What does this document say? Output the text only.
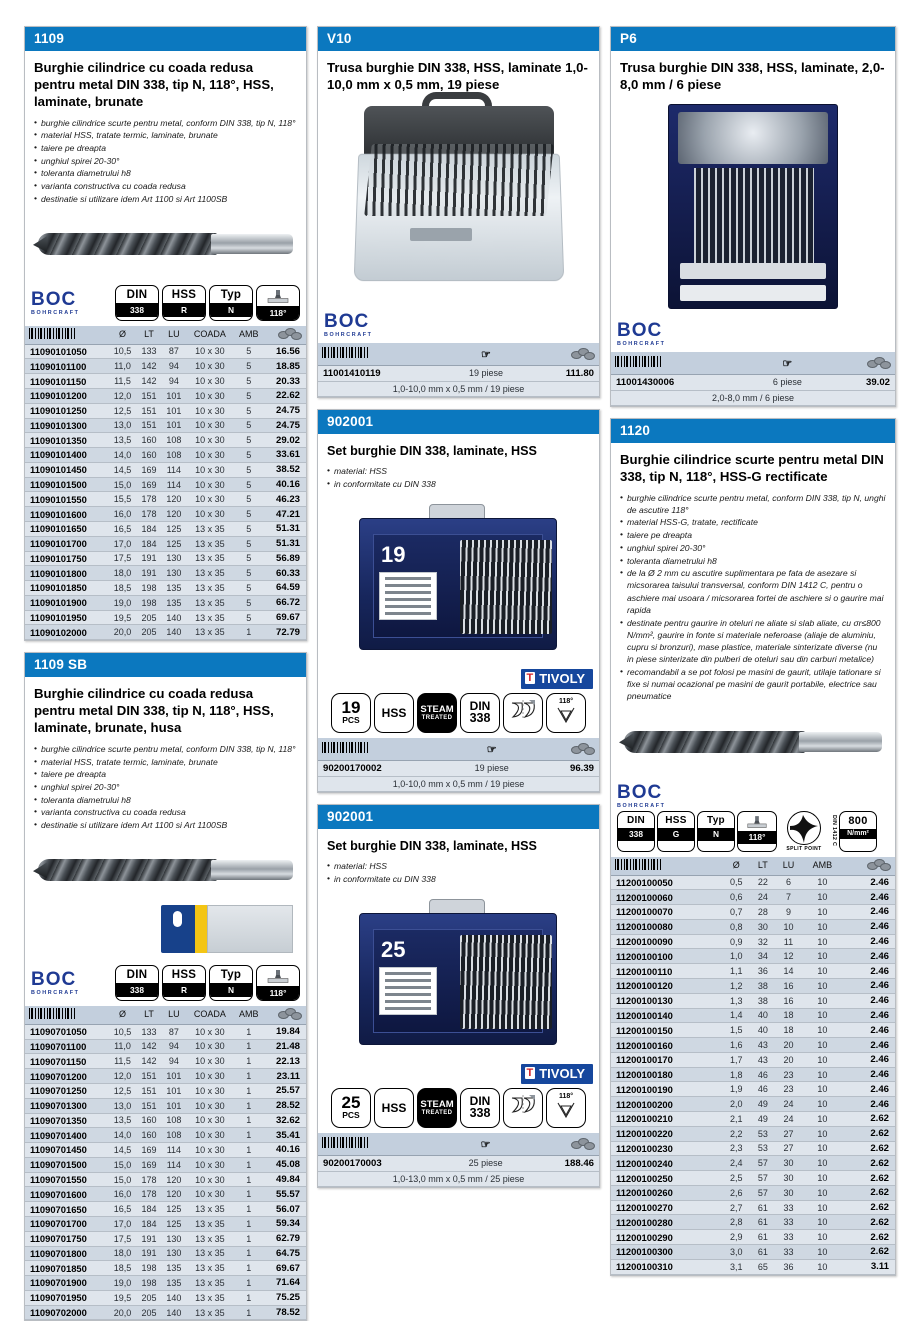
1109
Burghie cilindrice cu coada redusa pentru metal DIN 338, tip N, 118°, HSS, laminate, brunate
• burghie cilindrice scurte pentru metal, conform DIN 338, tip N, 118°
• material HSS, tratate termic, laminate, brunate
• taiere pe dreapta
• unghiul spirei 20-30°
• toleranta diametrului h8
• varianta constructiva cu coada redusa
• destinatie si utilizare idem Art 1100 si Art 1100SB
BOC
BOHRCRAFT
DIN
338
HSS
R
Typ
N	118°
	Ø	LT	LU	COADA	AMB	

11090101050	10,5	133	87	10 x 30	5	16.56
11090101100	11,0	142	94	10 x 30	5	18.85
11090101150	11,5	142	94	10 x 30	5	20.33
11090101200	12,0	151	101	10 x 30	5	22.62
11090101250	12,5	151	101	10 x 30	5	24.75
11090101300	13,0	151	101	10 x 30	5	24.75
11090101350	13,5	160	108	10 x 30	5	29.02
11090101400	14,0	160	108	10 x 30	5	33.61
11090101450	14,5	169	114	10 x 30	5	38.52
11090101500	15,0	169	114	10 x 30	5	40.16
11090101550	15,5	178	120	10 x 30	5	46.23
11090101600	16,0	178	120	10 x 30	5	47.21
11090101650	16,5	184	125	13 x 35	5	51.31
11090101700	17,0	184	125	13 x 35	5	51.31
11090101750	17,5	191	130	13 x 35	5	56.89
11090101800	18,0	191	130	13 x 35	5	60.33
11090101850	18,5	198	135	13 x 35	5	64.59
11090101900	19,0	198	135	13 x 35	5	66.72
11090101950	19,5	205	140	13 x 35	5	69.67
11090102000	20,0	205	140	13 x 35	1	72.79
1109 SB
Burghie cilindrice cu coada redusa pentru metal DIN 338, tip N, 118°, HSS, laminate, brunate, husa
• burghie cilindrice scurte pentru metal, conform DIN 338, tip N, 118°
• material HSS, tratate termic, laminate, brunate
• taiere pe dreapta
• unghiul spirei 20-30°
• toleranta diametrului h8
• varianta constructiva cu coada redusa
• destinatie si utilizare idem Art 1100 si Art 1100SB
BOC
BOHRCRAFT
DIN
338
HSS
R
Typ
N	118°
	Ø	LT	LU	COADA	AMB	

11090701050	10,5	133	87	10 x 30	1	19.84
11090701100	11,0	142	94	10 x 30	1	21.48
11090701150	11,5	142	94	10 x 30	1	22.13
11090701200	12,0	151	101	10 x 30	1	23.11
11090701250	12,5	151	101	10 x 30	1	25.57
11090701300	13,0	151	101	10 x 30	1	28.52
11090701350	13,5	160	108	10 x 30	1	32.62
11090701400	14,0	160	108	10 x 30	1	35.41
11090701450	14,5	169	114	10 x 30	1	40.16
11090701500	15,0	169	114	10 x 30	1	45.08
11090701550	15,0	178	120	10 x 30	1	49.84
11090701600	16,0	178	120	10 x 30	1	55.57
11090701650	16,5	184	125	13 x 35	1	56.07
11090701700	17,0	184	125	13 x 35	1	59.34
11090701750	17,5	191	130	13 x 35	1	62.79
11090701800	18,0	191	130	13 x 35	1	64.75
11090701850	18,5	198	135	13 x 35	1	69.67
11090701900	19,0	198	135	13 x 35	1	71.64
11090701950	19,5	205	140	13 x 35	1	75.25
11090702000	20,0	205	140	13 x 35	1	78.52
V10
Trusa burghie DIN 338, HSS, laminate 1,0-10,0 mm x 0,5 mm, 19 piese
BOC
BOHRCRAFT
	☞	

11001410119	19 piese	111.80
1,0-10,0 mm x 0,5 mm / 19 piese		
902001
Set burghie DIN 338, laminate, HSS
• material: HSS
• in conformitate cu DIN 338
19
T TIVOLY
19
PCS
HSS STEAM
TREATED
DIN
338
118°
	☞	

90200170002	19 piese	96.39
1,0-10,0 mm x 0,5 mm / 19 piese		
902001
Set burghie DIN 338, laminate, HSS
• material: HSS
• in conformitate cu DIN 338
25
T TIVOLY
25
PCS
HSS STEAM
TREATED
DIN
338
118°
	☞	

90200170003	25 piese	188.46
1,0-13,0 mm x 0,5 mm / 25 piese		
P6
Trusa burghie DIN 338, HSS, laminate, 2,0-8,0 mm / 6 piese
BOC
BOHRCRAFT
	☞	

11001430006	6 piese	39.02
2,0-8,0 mm / 6 piese		
1120
Burghie cilindrice scurte pentru metal DIN 338, tip N, 118°, HSS-G rectificate
• burghie cilindrice scurte pentru metal, conform DIN 338, tip N, unghi de ascutire 118°
• material HSS-G, tratate, rectificate
• taiere pe dreapta
• unghiul spirei 20-30°
• toleranta diametrului h8
• de la Ø 2 mm cu ascutire suplimentara pe fata de asezare si micsorarea taisului transversal, conform DIN 1412 C, pentru o aschiere mai usoara / micsorarea fortei de aschiere si o gaurire mai rapida
• destinate pentru gaurire in oteluri ne aliate si slab aliate, cu σr≤800 N/mm², gaurire in fonte si materiale neferoase (aliaje de aluminiu, cupru si bronzuri), mase plastice, materiale sinterizate diverse (nu in piese sinterizate din pulberi de oteluri sau din carburi metalice)
• recomandabil a se pot folosi pe masini de gaurit, utilaje tationare si fixe si numai ocazional pe masini de gaurit portabile, electrice sau pneumatice
BOC
BOHRCRAFT
DIN
338
HSS
G
Typ
N	118°
SPLIT POINT
DIN 1412 C	800
N/mm²
	Ø	LT	LU	AMB	

11200100050	0,5	22	6	10	2.46
11200100060	0,6	24	7	10	2.46
11200100070	0,7	28	9	10	2.46
11200100080	0,8	30	10	10	2.46
11200100090	0,9	32	11	10	2.46
11200100100	1,0	34	12	10	2.46
11200100110	1,1	36	14	10	2.46
11200100120	1,2	38	16	10	2.46
11200100130	1,3	38	16	10	2.46
11200100140	1,4	40	18	10	2.46
11200100150	1,5	40	18	10	2.46
11200100160	1,6	43	20	10	2.46
11200100170	1,7	43	20	10	2.46
11200100180	1,8	46	23	10	2.46
11200100190	1,9	46	23	10	2.46
11200100200	2,0	49	24	10	2.46
11200100210	2,1	49	24	10	2.62
11200100220	2,2	53	27	10	2.62
11200100230	2,3	53	27	10	2.62
11200100240	2,4	57	30	10	2.62
11200100250	2,5	57	30	10	2.62
11200100260	2,6	57	30	10	2.62
11200100270	2,7	61	33	10	2.62
11200100280	2,8	61	33	10	2.62
11200100290	2,9	61	33	10	2.62
11200100300	3,0	61	33	10	2.62
11200100310	3,1	65	36	10	3.11
